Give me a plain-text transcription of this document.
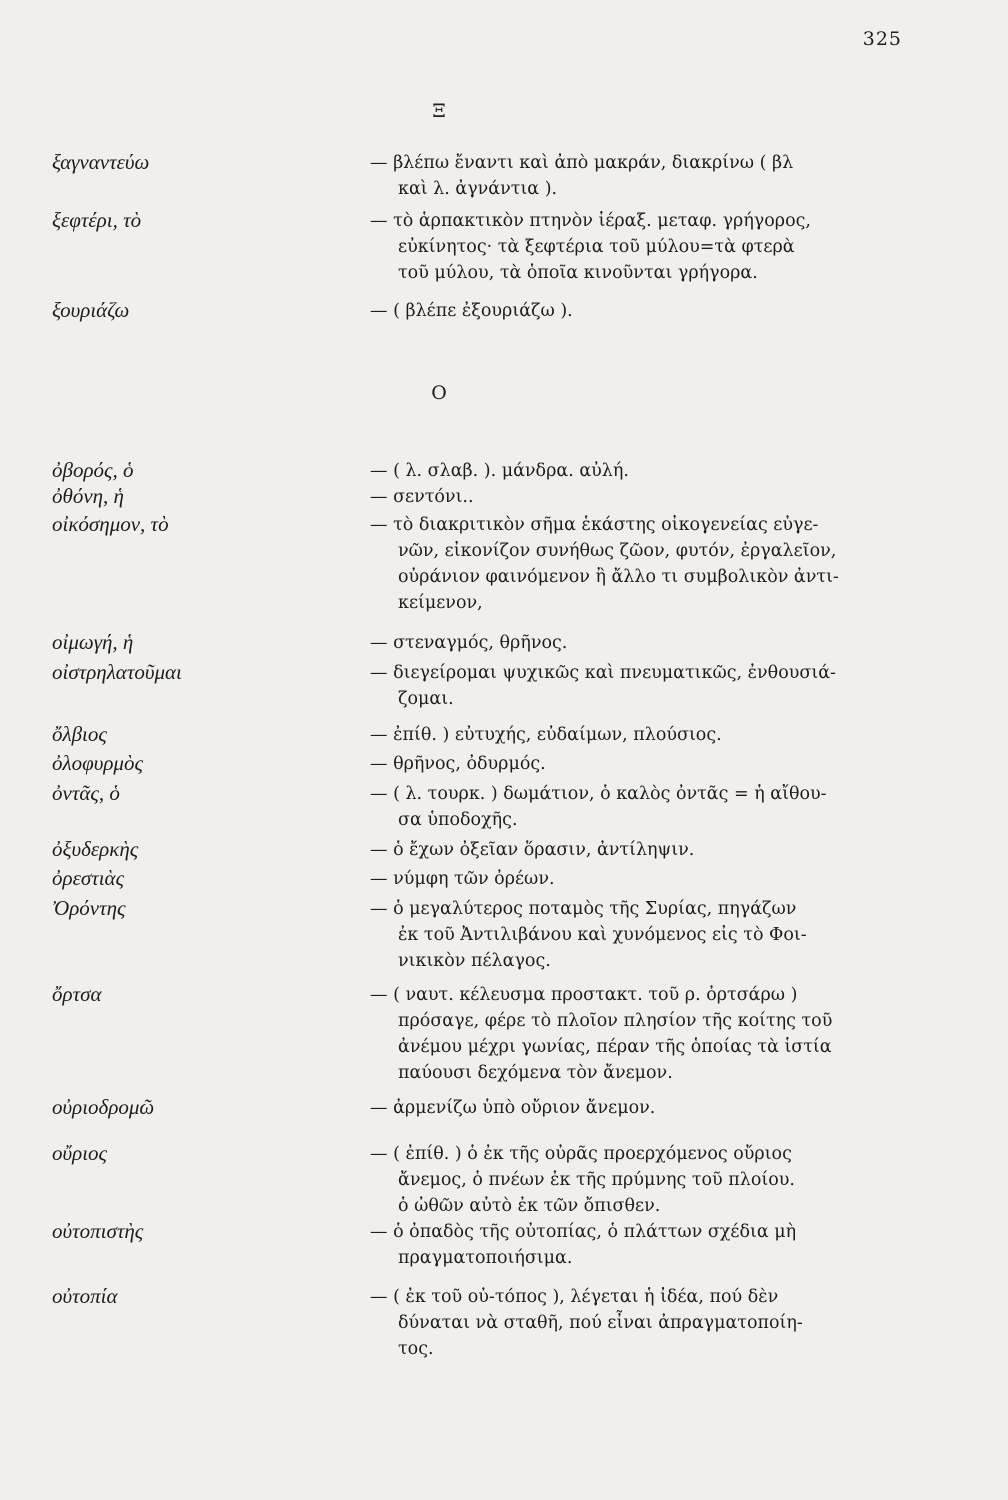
325
Ξ
ξαγναντεύω	— βλέπω ἔναντι καὶ ἀπὸ μακράν, διακρίνω ( βλ
καὶ λ. ἀγνάντια ).
ξεφτέρι, τὸ	— τὸ ἁρπακτικὸν πτηνὸν ἱέραξ. μεταφ. γρήγορος,
εὐκίνητος· τὰ ξεφτέρια τοῦ μύλου=τὰ φτερὰ
τοῦ μύλου, τὰ ὁποῖα κινοῦνται γρήγορα.
ξουριάζω	— ( βλέπε ἐξουριάζω ).
Ο
ὀβορός, ὁ	— ( λ. σλαβ. ). μάνδρα. αὐλή.
ὀθόνη, ἡ	— σεντόνι..
οἰκόσημον, τὸ	— τὸ διακριτικὸν σῆμα ἑκάστης οἰκογενείας εὐγε-
νῶν, εἰκονίζον συνήθως ζῶον, φυτόν, ἐργαλεῖον,
οὐράνιον φαινόμενον ἢ ἄλλο τι συμβολικὸν ἀντι-
κείμενον,
οἰμωγή, ἡ	— στεναγμός, θρῆνος.
οἰστρηλατοῦμαι	— διεγείρομαι ψυχικῶς καὶ πνευματικῶς, ἐνθουσιά-
ζομαι.
ὄλβιος	— ἐπίθ. ) εὐτυχής, εὐδαίμων, πλούσιος.
ὀλοφυρμὸς	— θρῆνος, ὀδυρμός.
ὀντᾶς, ὁ	— ( λ. τουρκ. ) δωμάτιον, ὁ καλὸς ὀντᾶς = ἡ αἴθου-
σα ὑποδοχῆς.
ὀξυδερκὴς	— ὁ ἔχων ὀξεῖαν ὅρασιν, ἀντίληψιν.
ὀρεστιὰς	— νύμφη τῶν ὀρέων.
Ὀρόντης	— ὁ μεγαλύτερος ποταμὸς τῆς Συρίας, πηγάζων
ἐκ τοῦ Ἀντιλιβάνου καὶ χυνόμενος εἰς τὸ Φοι-
νικικὸν πέλαγος.
ὄρτσα	— ( ναυτ. κέλευσμα προστακτ. τοῦ ρ. ὀρτσάρω )
πρόσαγε, φέρε τὸ πλοῖον πλησίον τῆς κοίτης τοῦ
ἀνέμου μέχρι γωνίας, πέραν τῆς ὁποίας τὰ ἱστία
παύουσι δεχόμενα τὸν ἄνεμον.
οὐριοδρομῶ	— ἀρμενίζω ὑπὸ οὔριον ἄνεμον.
οὔριος	— ( ἐπίθ. ) ὁ ἐκ τῆς οὐρᾶς προερχόμενος οὔριος
ἄνεμος, ὁ πνέων ἐκ τῆς πρύμνης τοῦ πλοίου.
ὁ ὠθῶν αὐτὸ ἐκ τῶν ὄπισθεν.
οὐτοπιστὴς	— ὁ ὀπαδὸς τῆς οὐτοπίας, ὁ πλάττων σχέδια μὴ
πραγματοποιήσιμα.
οὐτοπία	— ( ἐκ τοῦ οὐ-τόπος ), λέγεται ἡ ἰδέα, πού δὲν
δύναται νὰ σταθῆ, πού εἶναι ἀπραγματοποίη-
τος.
